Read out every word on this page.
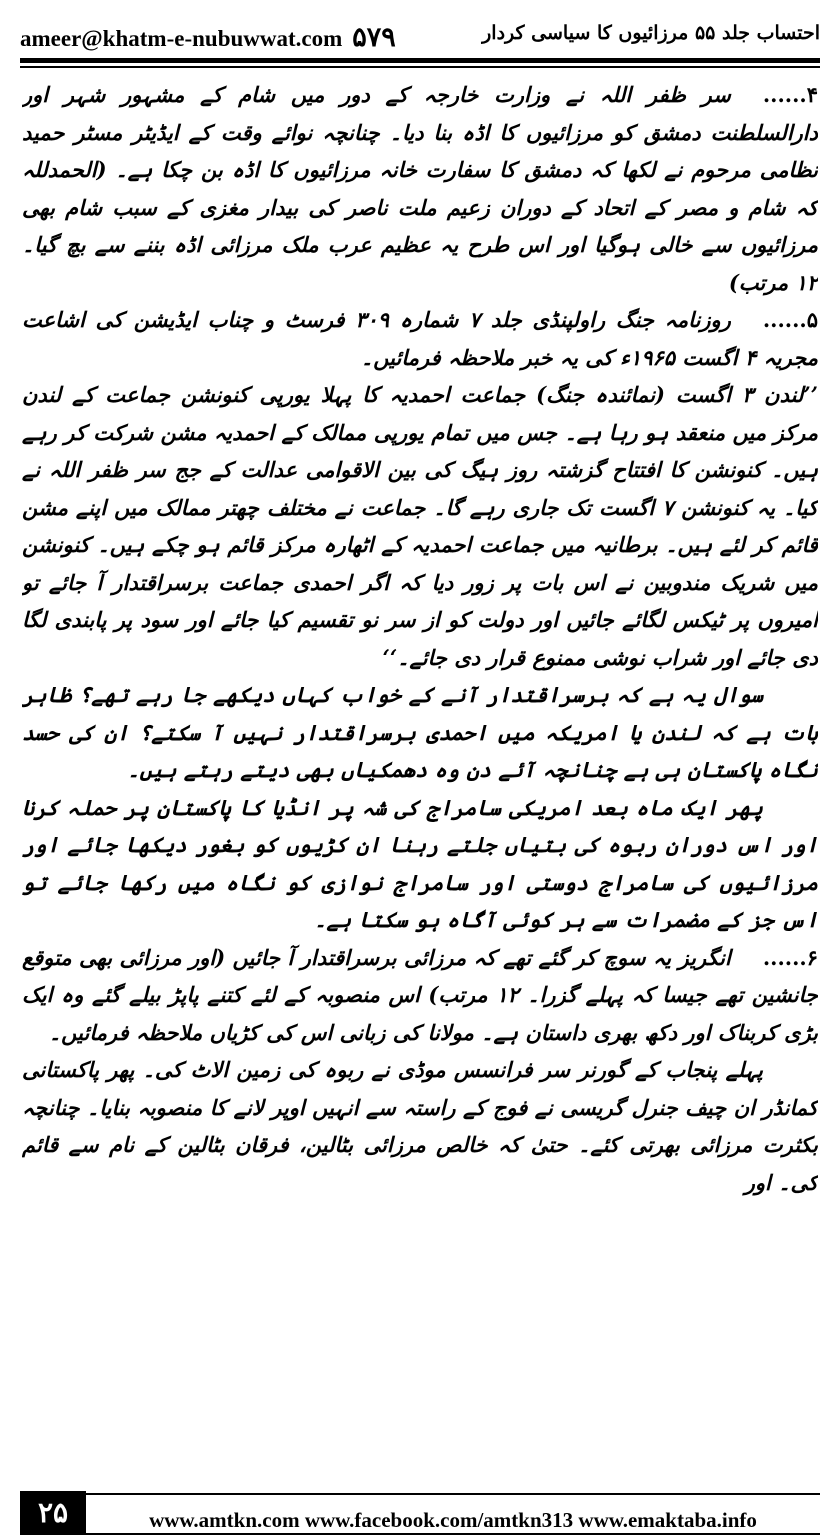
ameer@khatm-e-nubuwwat.com ۵۷۹	احتساب جلد ۵۵ مرزائیوں کا سیاسی کردار

۴......سر ظفر اللہ نے وزارت خارجہ کے دور میں شام کے مشہور شہر اور دارالسلطنت دمشق کو مرزائیوں کا اڈہ بنا دیا۔ چنانچہ نوائے وقت کے ایڈیٹر مسٹر حمید نظامی مرحوم نے لکھا کہ دمشق کا سفارت خانہ مرزائیوں کا اڈہ بن چکا ہے۔ (الحمدللہ کہ شام و مصر کے اتحاد کے دوران زعیم ملت ناصر کی بیدار مغزی کے سبب شام بھی مرزائیوں سے خالی ہوگیا اور اس طرح یہ عظیم عرب ملک مرزائی اڈہ بننے سے بچ گیا۔ ۱۲ مرتب)

۵......روزنامہ جنگ راولپنڈی جلد ۷ شمارہ ۳۰۹ فرسٹ و چناب ایڈیشن کی اشاعت مجریہ ۴ اگست ۱۹۶۵ء کی یہ خبر ملاحظہ فرمائیں۔

’’لندن ۳ اگست (نمائندہ جنگ) جماعت احمدیہ کا پہلا یورپی کنونشن جماعت کے لندن مرکز میں منعقد ہو رہا ہے۔ جس میں تمام یورپی ممالک کے احمدیہ مشن شرکت کر رہے ہیں۔ کنونشن کا افتتاح گزشتہ روز ہیگ کی بین الاقوامی عدالت کے جج سر ظفر اللہ نے کیا۔ یہ کنونشن ۷ اگست تک جاری رہے گا۔ جماعت نے مختلف چھتر ممالک میں اپنے مشن قائم کر لئے ہیں۔ برطانیہ میں جماعت احمدیہ کے اٹھارہ مرکز قائم ہو چکے ہیں۔ کنونشن میں شریک مندوبین نے اس بات پر زور دیا کہ اگر احمدی جماعت برسراقتدار آ جائے تو امیروں پر ٹیکس لگائے جائیں اور دولت کو از سر نو تقسیم کیا جائے اور سود پر پابندی لگا دی جائے اور شراب نوشی ممنوع قرار دی جائے۔‘‘

سوال یہ ہے کہ برسراقتدار آنے کے خواب کہاں دیکھے جا رہے تھے؟ ظاہر بات ہے کہ لندن یا امریکہ میں احمدی برسراقتدار نہیں آ سکتے؟ ان کی حسد نگاہ پاکستان ہی ہے چنانچہ آئے دن وہ دھمکیاں بھی دیتے رہتے ہیں۔

پھر ایک ماہ بعد امریکی سامراج کی شہ پر انڈیا کا پاکستان پر حملہ کرنا اور اس دوران ربوہ کی بتیاں جلتے رہنا ان کڑیوں کو بغور دیکھا جائے اور مرزائیوں کی سامراج دوستی اور سامراج نوازی کو نگاہ میں رکھا جائے تو اس جز کے مضمرات سے ہر کوئی آگاہ ہو سکتا ہے۔

۶......انگریز یہ سوچ کر گئے تھے کہ مرزائی برسراقتدار آ جائیں (اور مرزائی بھی متوقع جانشین تھے جیسا کہ پہلے گزرا۔ ۱۲ مرتب) اس منصوبہ کے لئے کتنے پاپڑ بیلے گئے وہ ایک بڑی کربناک اور دکھ بھری داستان ہے۔ مولانا کی زبانی اس کی کڑیاں ملاحظہ فرمائیں۔

پہلے پنجاب کے گورنر سر فرانسس موڈی نے ربوہ کی زمین الاٹ کی۔ پھر پاکستانی کمانڈر ان چیف جنرل گریسی نے فوج کے راستہ سے انہیں اوپر لانے کا منصوبہ بنایا۔ چنانچہ بکثرت مرزائی بھرتی کئے۔ حتیٰ کہ خالص مرزائی بٹالین، فرقان بٹالین کے نام سے قائم کی۔ اور

۲۵	www.amtkn.com www.facebook.com/amtkn313 www.emaktaba.info
